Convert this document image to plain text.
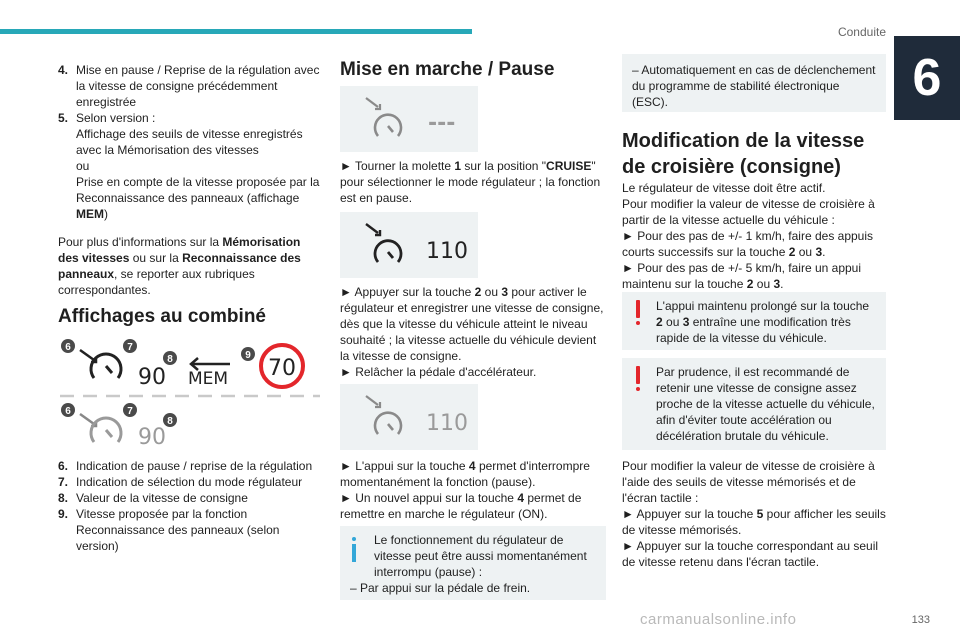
Conduite
6
4. Mise en pause / Reprise de la régulation avec la vitesse de consigne précédemment enregistrée
5. Selon version :
Affichage des seuils de vitesse enregistrés avec la Mémorisation des vitesses
ou
Prise en compte de la vitesse proposée par la Reconnaissance des panneaux (affichage MEM)

Pour plus d'informations sur la Mémorisation des vitesses ou sur la Reconnaissance des panneaux, se reporter aux rubriques correspondantes.

Affichages au combiné
6	7
8
90 MEM
9
70
6	7
8
90
6. Indication de pause / reprise de la régulation
7. Indication de sélection du mode régulateur
8. Valeur de la vitesse de consigne
9. Vitesse proposée par la fonction Reconnaissance des panneaux (selon version)
Mise en marche / Pause
---

► Tourner la molette 1 sur la position "CRUISE" pour sélectionner le mode régulateur ; la fonction est en pause.

110

► Appuyer sur la touche 2 ou 3 pour activer le régulateur et enregistrer une vitesse de consigne, dès que la vitesse du véhicule atteint le niveau souhaité ; la vitesse actuelle du véhicule devient la vitesse de consigne.
► Relâcher la pédale d'accélérateur.

110

► L'appui sur la touche 4 permet d'interrompre momentanément la fonction (pause).
► Un nouvel appui sur la touche 4 permet de remettre en marche le régulateur (ON).

Le fonctionnement du régulateur de vitesse peut être aussi momentanément interrompu (pause) :

– Par appui sur la pédale de frein.

– Automatiquement en cas de déclenchement du programme de stabilité électronique (ESC).

Modification de la vitesse de croisière (consigne)

Le régulateur de vitesse doit être actif.
Pour modifier la valeur de vitesse de croisière à partir de la vitesse actuelle du véhicule :
► Pour des pas de +/- 1 km/h, faire des appuis courts successifs sur la touche 2 ou 3.
► Pour des pas de +/- 5 km/h, faire un appui maintenu sur la touche 2 ou 3.

L'appui maintenu prolongé sur la touche 2 ou 3 entraîne une modification très rapide de la vitesse du véhicule.

Par prudence, il est recommandé de retenir une vitesse de consigne assez proche de la vitesse actuelle du véhicule, afin d'éviter toute accélération ou décélération brutale du véhicule.

Pour modifier la valeur de vitesse de croisière à l'aide des seuils de vitesse mémorisés et de l'écran tactile :
► Appuyer sur la touche 5 pour afficher les seuils de vitesse mémorisés.
► Appuyer sur la touche correspondant au seuil de vitesse retenu dans l'écran tactile.

carmanualsonline.info	133
